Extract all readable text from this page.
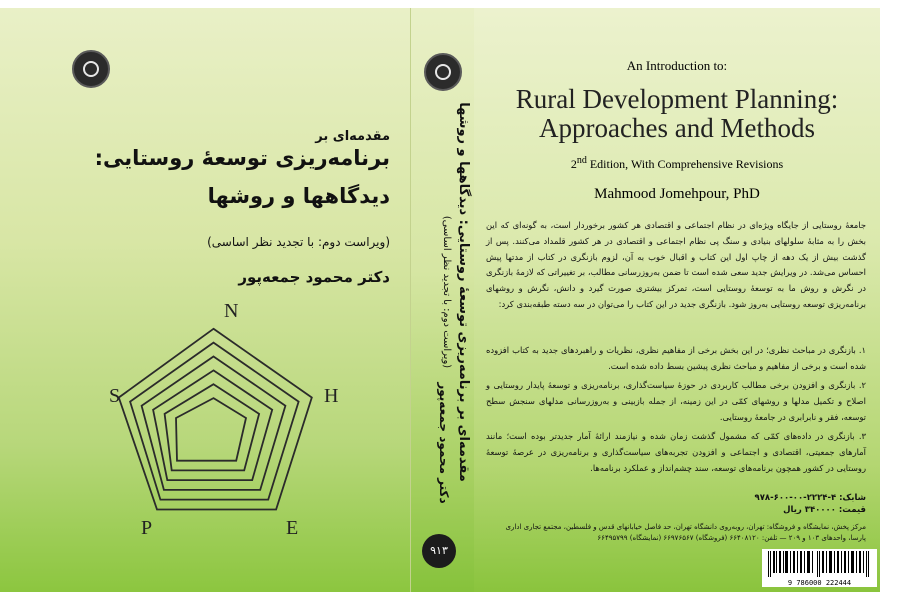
مقدمه‌ای بر
برنامه‌ریزی توسعهٔ روستایی:
دیدگاهها و روشها
(ویراست دوم: با تجدید نظر اساسی)
دکتر محمود جمعه‌پور
N
H
E
P
S	مقدمه‌ای بر برنامه‌ریزی توسعهٔ روستایی: دیدگاهها و روشها
(ویراست دوم: با تجدید نظر اساسی)
دکتر محمود جمعه‌پور
۹۱۳
An Introduction to:
Rural Development Planning:
Approaches and Methods
2nd Edition, With Comprehensive Revisions
Mahmood Jomehpour, PhD
جامعهٔ روستایی از جایگاه ویژه‌ای در نظام اجتماعی و اقتصادی هر کشور برخوردار است، به گونه‌ای که این بخش را به مثابهٔ سلولهای بنیادی و سنگ پی نظام اجتماعی و اقتصادی در هر کشور قلمداد می‌کنند. پس از گذشت بیش از یک دهه از چاپ اول این کتاب و اقبال خوب به آن، لزوم بازنگری در کتاب از مدتها پیش احساس می‌شد. در ویرایش جدید سعی شده است تا ضمن به‌روزرسانی مطالب، بر تغییراتی که لازمهٔ بازنگری در نگرش و روش ما به توسعهٔ روستایی است، تمرکز بیشتری صورت گیرد و دانش، نگرش و روشهای برنامه‌ریزی توسعه روستایی به‌روز شود. بازنگری جدید در این کتاب را می‌توان در سه دسته طبقه‌بندی کرد:
۱. بازنگری در مباحث نظری؛ در این بخش برخی از مفاهیم نظری، نظریات و راهبردهای جدید به کتاب افزوده شده است و برخی از مفاهیم و مباحث نظری پیشین بسط داده شده است.
۲. بازنگری و افزودن برخی مطالب کاربردی در حوزهٔ سیاست‌گذاری، برنامه‌ریزی و توسعهٔ پایدار روستایی و اصلاح و تکمیل مدلها و روشهای کمّی در این زمینه، از جمله بازبینی و به‌روزرسانی مدلهای سنجش سطح توسعه، فقر و نابرابری در جامعهٔ روستایی.
۳. بازنگری در داده‌های کمّی که مشمول گذشت زمان شده و نیازمند ارائهٔ آمار جدیدتر بوده است؛ مانند آمارهای جمعیتی، اقتصادی و اجتماعی و افزودن تجربه‌های سیاست‌گذاری و برنامه‌ریزی در عرصهٔ توسعهٔ روستایی در کشور همچون برنامه‌های توسعه، سند چشم‌انداز و عملکرد برنامه‌ها.
شابک: ۴-۲۲۲۴-۰۰-۶۰۰-۹۷۸
قیمت: ۳۴۰۰۰۰ ریال
مرکز پخش، نمایشگاه و فروشگاه: تهران، روبه‌روی دانشگاه تهران، حد فاصل خیابانهای قدس و فلسطین، مجتمع تجاری اداری پارسا، واحدهای ۱۰۳ و ۲۰۹ — تلفن: ۶۶۴۰۸۱۲۰ (فروشگاه) ۶۶۹۷۶۵۶۷ (نمایشگاه) ۶۶۴۹۵۷۹۹
9 786000 222444
